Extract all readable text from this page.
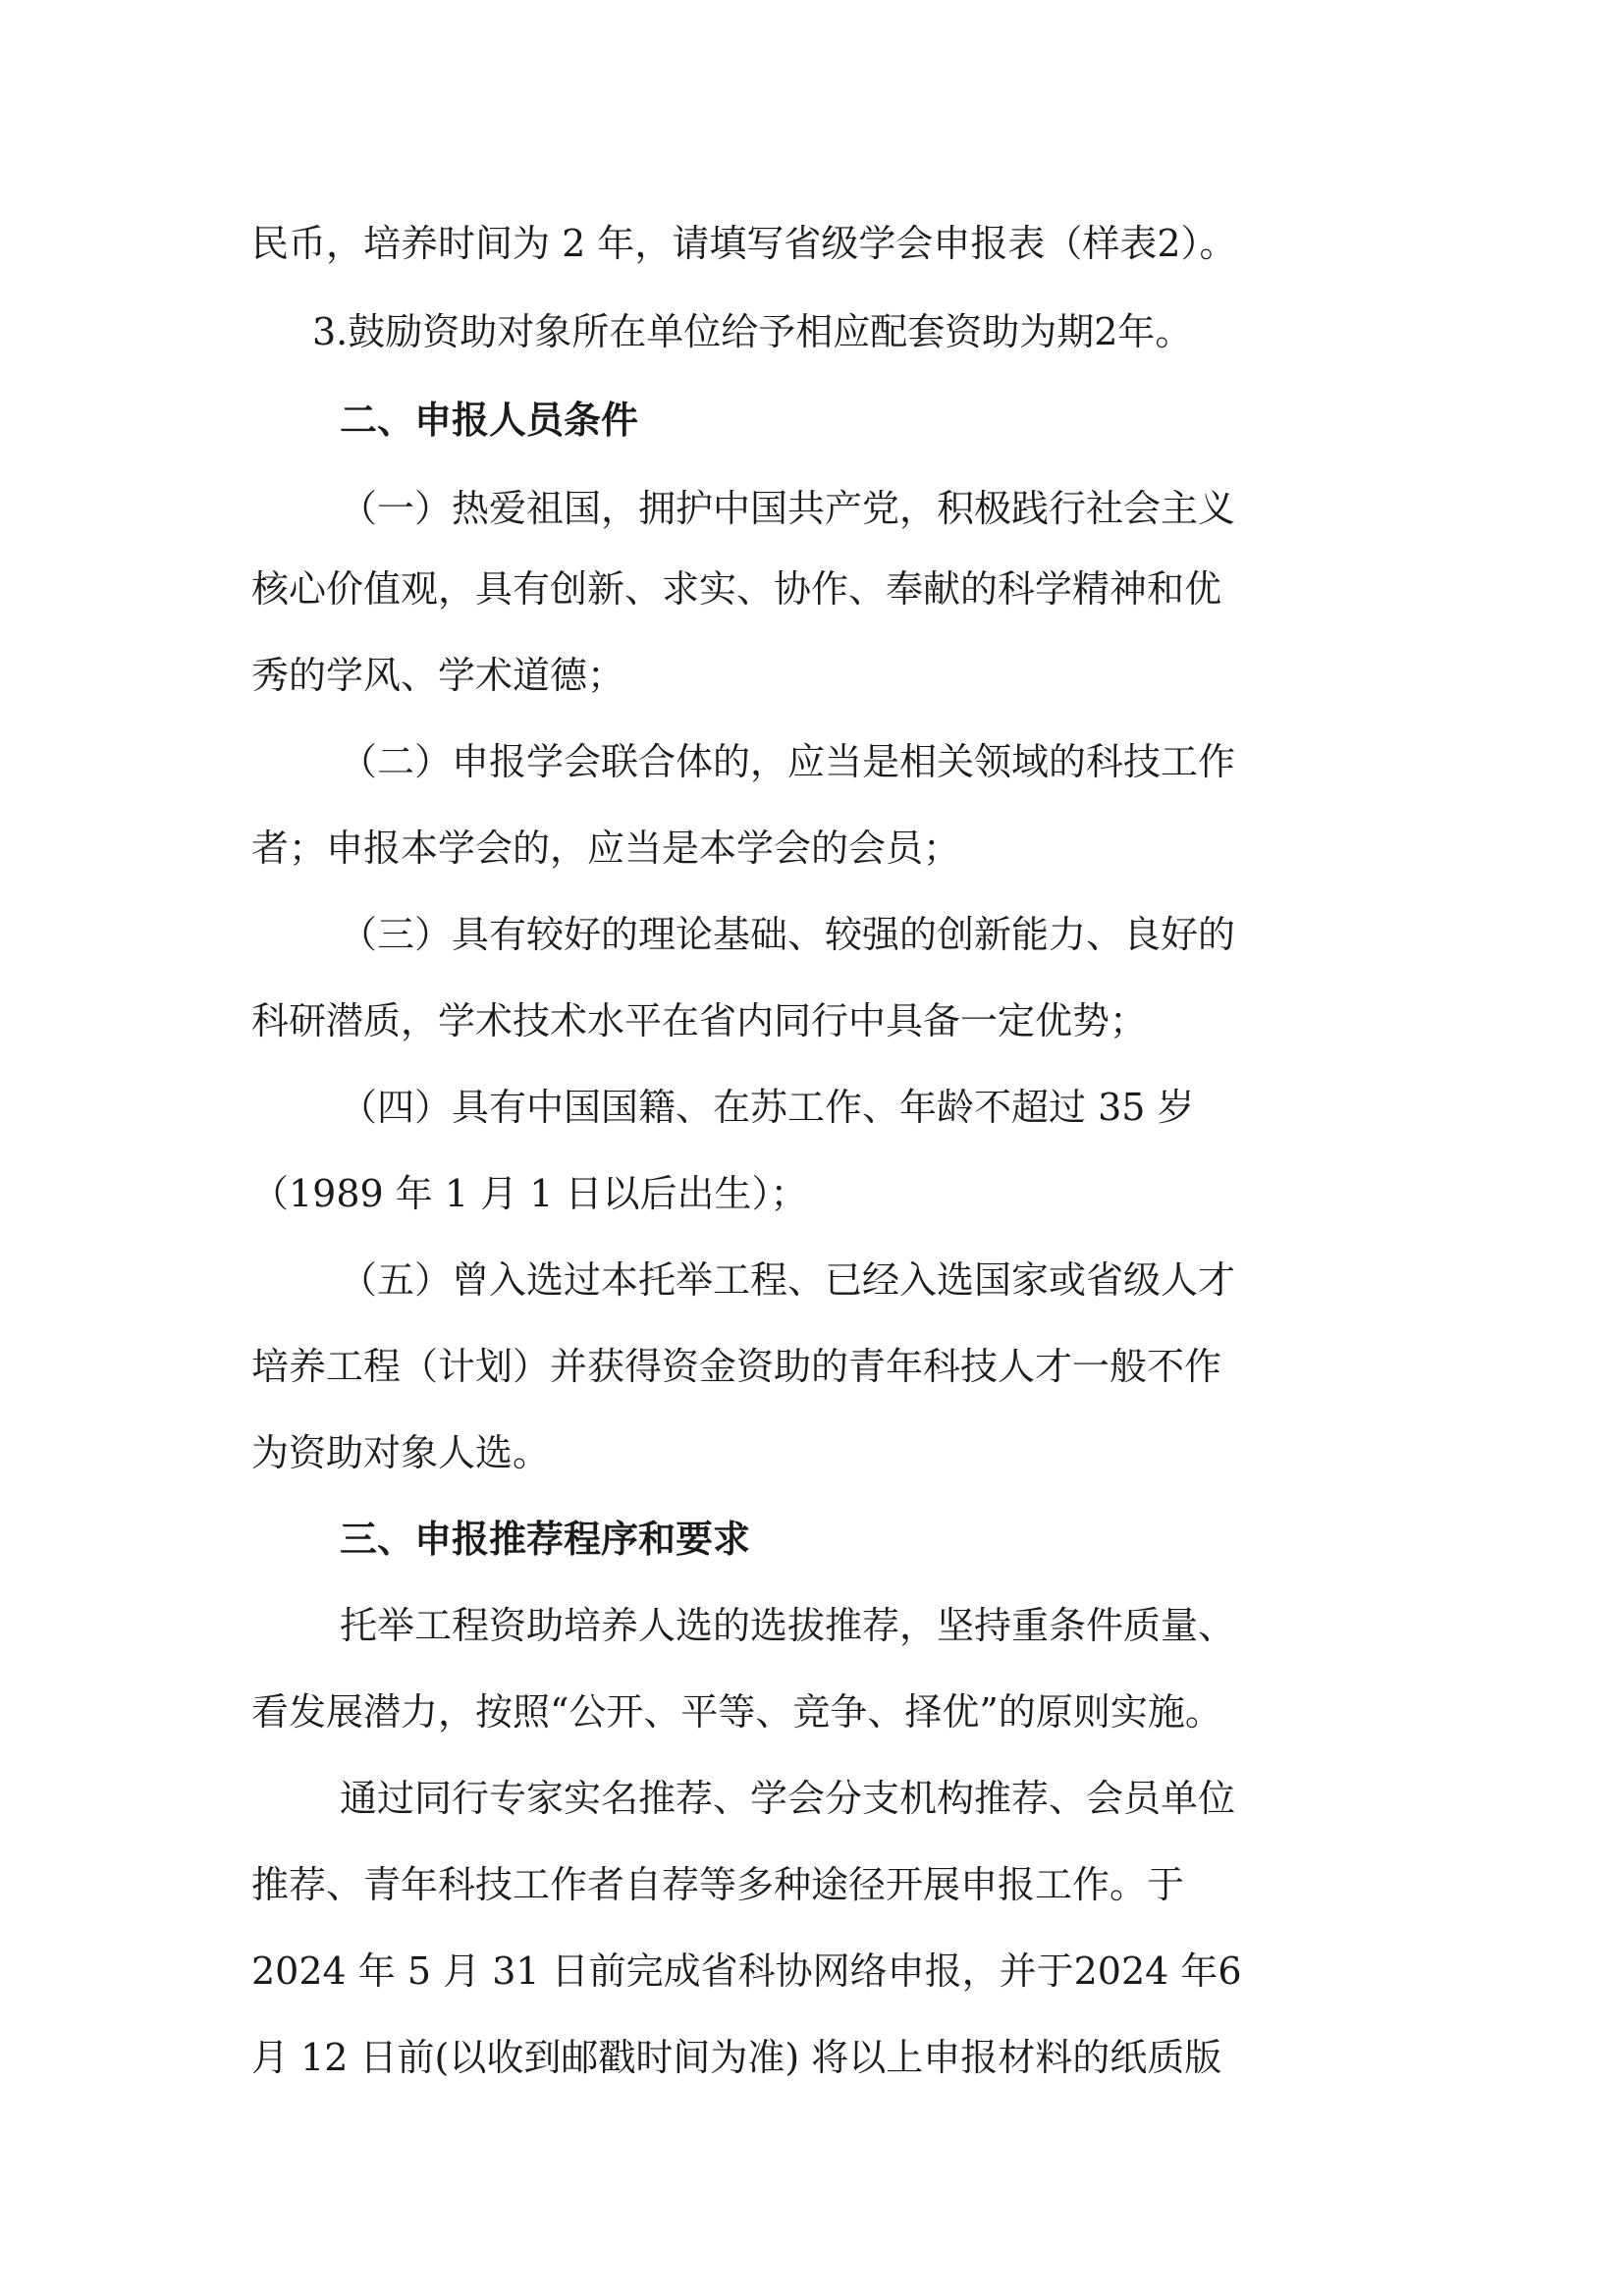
民币，培养时间为 2 年，请填写省级学会申报表（样表2）。
3.鼓励资助对象所在单位给予相应配套资助为期2年。
二、申报人员条件
（一）热爱祖国，拥护中国共产党，积极践行社会主义
核心价值观，具有创新、求实、协作、奉献的科学精神和优
秀的学风、学术道德；
（二）申报学会联合体的，应当是相关领域的科技工作
者；申报本学会的，应当是本学会的会员；
（三）具有较好的理论基础、较强的创新能力、良好的
科研潜质，学术技术水平在省内同行中具备一定优势；
（四）具有中国国籍、在苏工作、年龄不超过 35 岁
（1989 年 1 月 1 日以后出生）；
（五）曾入选过本托举工程、已经入选国家或省级人才
培养工程（计划）并获得资金资助的青年科技人才一般不作
为资助对象人选。
三、申报推荐程序和要求
托举工程资助培养人选的选拔推荐，坚持重条件质量、
看发展潜力，按照“公开、平等、竞争、择优”的原则实施。
通过同行专家实名推荐、学会分支机构推荐、会员单位
推荐、青年科技工作者自荐等多种途径开展申报工作。于
2024 年 5 月 31 日前完成省科协网络申报，并于2024 年6
月 12 日前(以收到邮戳时间为准) 将以上申报材料的纸质版
